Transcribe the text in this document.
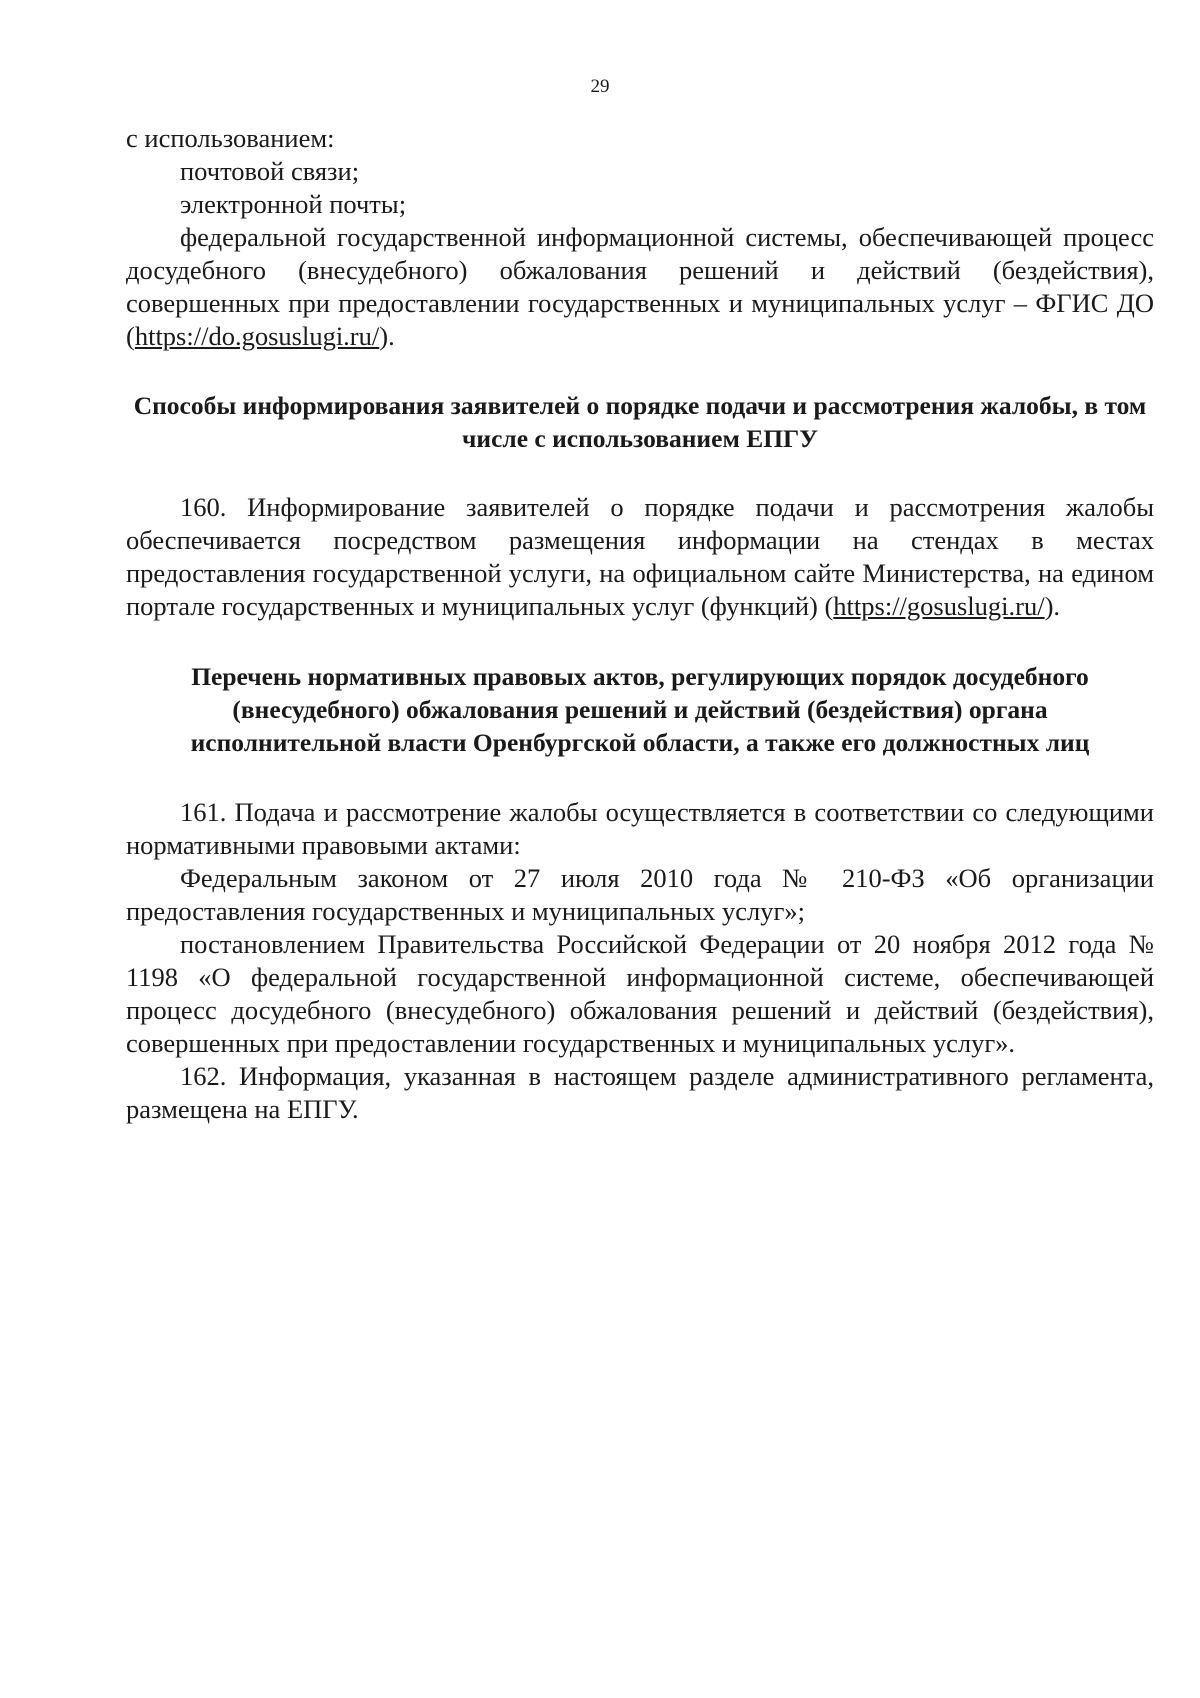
29

с использованием:

почтовой связи;

электронной почты;

федеральной государственной информационной системы, обеспечивающей процесс досудебного (внесудебного) обжалования решений и действий (бездействия), совершенных при предоставлении государственных и муниципальных услуг – ФГИС ДО (https://do.gosuslugi.ru/).

Способы информирования заявителей о порядке подачи и рассмотрения жалобы, в том числе с использованием ЕПГУ

160. Информирование заявителей о порядке подачи и рассмотрения жалобы обеспечивается посредством размещения информации на стендах в местах предоставления государственной услуги, на официальном сайте Министерства, на едином портале государственных и муниципальных услуг (функций) (https://gosuslugi.ru/).

Перечень нормативных правовых актов, регулирующих порядок досудебного (внесудебного) обжалования решений и действий (бездействия) органа исполнительной власти Оренбургской области, а также его должностных лиц

161. Подача и рассмотрение жалобы осуществляется в соответствии со следующими нормативными правовыми актами:

Федеральным законом от 27 июля 2010 года № 210-ФЗ «Об организации предоставления государственных и муниципальных услуг»;

постановлением Правительства Российской Федерации от 20 ноября 2012 года № 1198 «О федеральной государственной информационной системе, обеспечивающей процесс досудебного (внесудебного) обжалования решений и действий (бездействия), совершенных при предоставлении государственных и муниципальных услуг».

162. Информация, указанная в настоящем разделе административного регламента, размещена на ЕПГУ.
